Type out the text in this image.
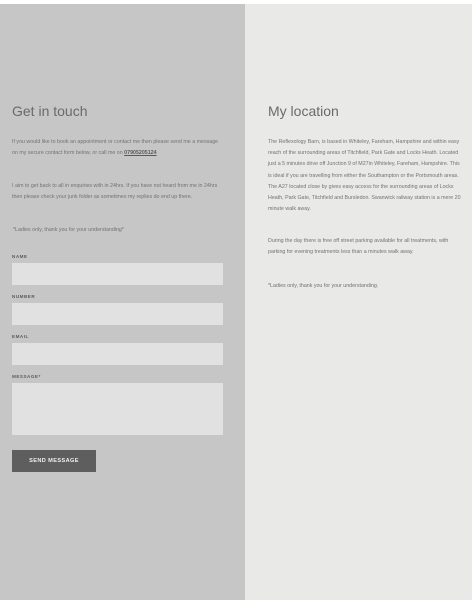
Get in touch

If you would like to book an appointment or contact me then please send me a message on my secure contact form below, or call me on 07905205124

I aim to get back to all in enquiries with in 24hrs. If you have not heard from me in 24hrs then please check your junk folder as sometimes my replies do end up there.

*Ladies only, thank you for your understanding*

NAME
NUMBER
EMAIL
MESSAGE*
SEND MESSAGE
My location

The Reflexology Barn, is based in Whiteley, Fareham, Hampshire and within easy reach of the surrounding areas of Titchfield, Park Gate and Locks Heath. Located just a 5 minutes drive off Junction 9 of M27in Whiteley, Fareham, Hampshire. This is ideal if you are travelling from either the Southampton or the Portsmouth areas. The A27 located close by gives easy access for the surrounding areas of Locks Heath, Park Gate, Titchfield and Bursledon. Swanwick railway station is a mere 20 minute walk away.

During the day there is free off street parking available for all treatments, with parking for evening treatments less than a minutes walk away.

*Ladies only, thank you for your understanding.
